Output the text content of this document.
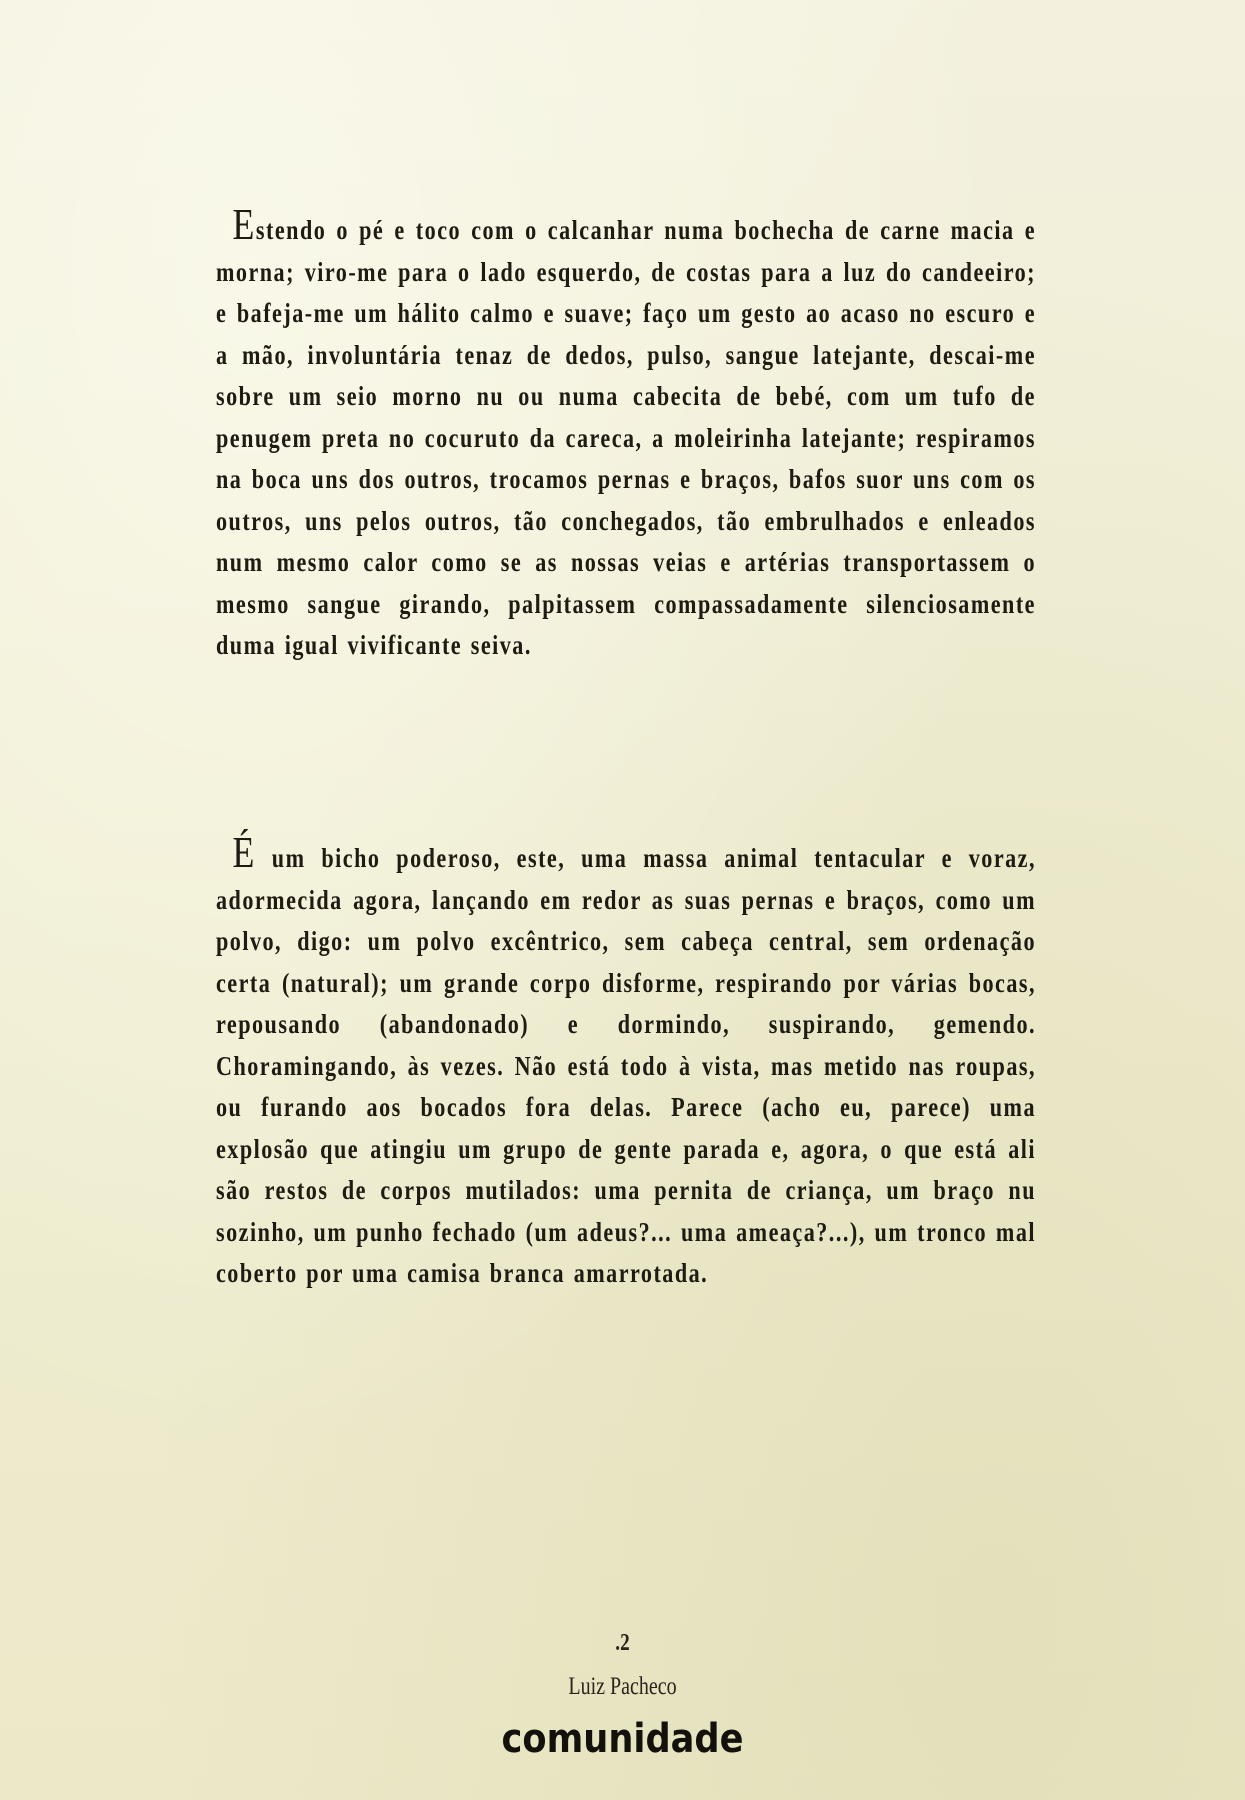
Estendo o pé e toco com o calcanhar numa bochecha de carne macia e morna; viro-me para o lado esquerdo, de costas para a luz do candeeiro; e bafeja-me um hálito calmo e suave; faço um gesto ao acaso no escuro e a mão, involuntária tenaz de dedos, pulso, sangue latejante, descai-me sobre um seio morno nu ou numa cabecita de bebé, com um tufo de penugem preta no cocuruto da careca, a moleirinha latejante; respiramos na boca uns dos outros, trocamos pernas e braços, bafos suor uns com os outros, uns pelos outros, tão conchegados, tão embrulhados e enleados num mesmo calor como se as nossas veias e artérias transportassem o mesmo sangue girando, palpitassem compassadamente silenciosamente duma igual vivificante seiva.

É um bicho poderoso, este, uma massa animal tentacular e voraz, adormecida agora, lançando em redor as suas pernas e braços, como um polvo, digo: um polvo excêntrico, sem cabeça central, sem ordenação certa (natural); um grande corpo disforme, respirando por várias bocas, repousando (abandonado) e dormindo, suspirando, gemendo. Choramingando, às vezes. Não está todo à vista, mas metido nas roupas, ou furando aos bocados fora delas. Parece (acho eu, parece) uma explosão que atingiu um grupo de gente parada e, agora, o que está ali são restos de corpos mutilados: uma pernita de criança, um braço nu sozinho, um punho fechado (um adeus?... uma ameaça?...), um tronco mal coberto por uma camisa branca amarrotada.

.2
Luiz Pacheco
comunidade
